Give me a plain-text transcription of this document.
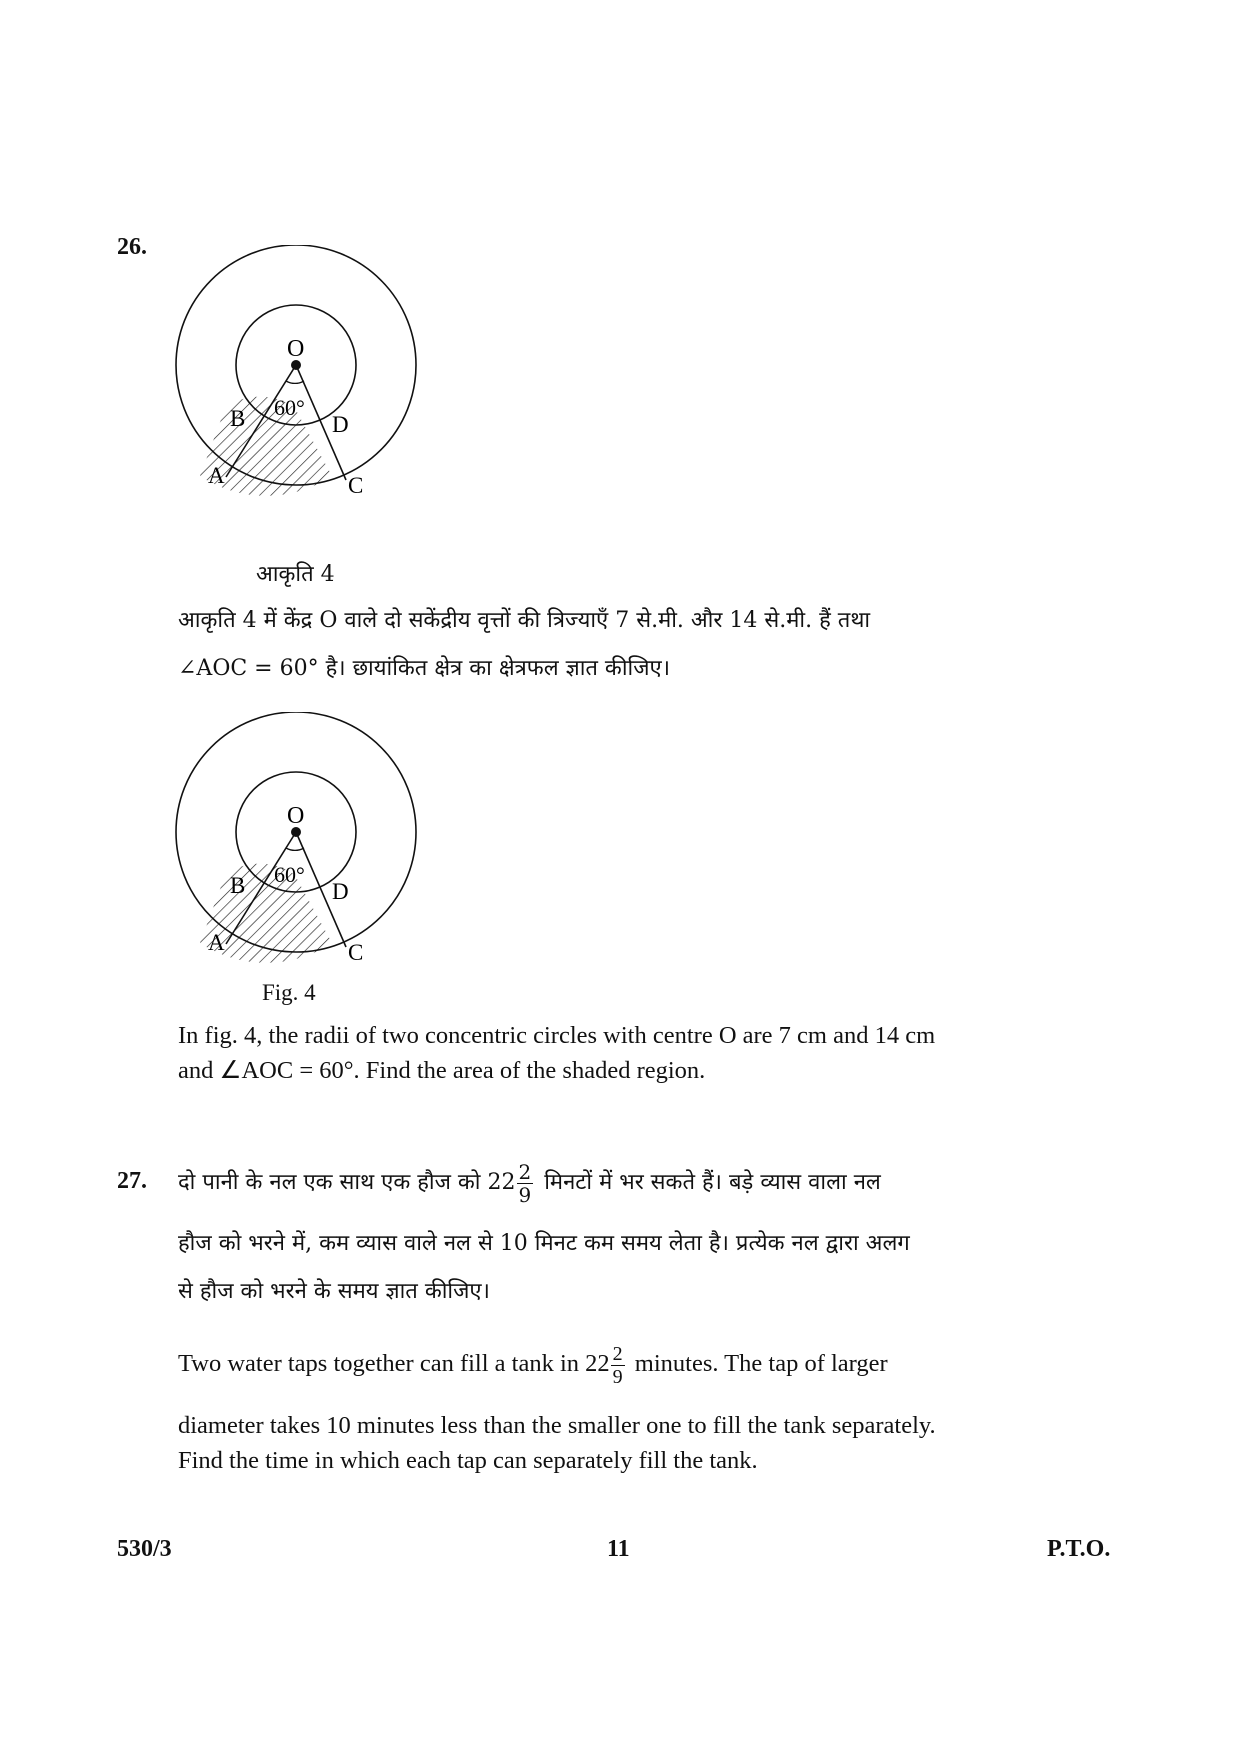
26.
O
60°
B	D
A	C
आकृति 4
आकृति 4 में केंद्र O वाले दो सकेंद्रीय वृत्तों की त्रिज्याएँ 7 से.मी. और 14 से.मी. हैं तथा
∠AOC = 60° है। छायांकित क्षेत्र का क्षेत्रफल ज्ञात कीजिए।
O
60°
B	D
A	C
Fig. 4
In fig. 4, the radii of two concentric circles with centre O are 7 cm and 14 cm
and ∠AOC = 60°. Find the area of the shaded region.
27. दो पानी के नल एक साथ एक हौज को $22 \frac{2}{9}$ मिनटों में भर सकते हैं। बड़े व्यास वाला नल
हौज को भरने में, कम व्यास वाले नल से 10 मिनट कम समय लेता है। प्रत्येक नल द्वारा अलग
से हौज को भरने के समय ज्ञात कीजिए।
Two water taps together can fill a tank in $22 \frac{2}{9}$ minutes. The tap of larger
diameter takes 10 minutes less than the smaller one to fill the tank separately.
Find the time in which each tap can separately fill the tank.
530/3	11	P.T.O.
